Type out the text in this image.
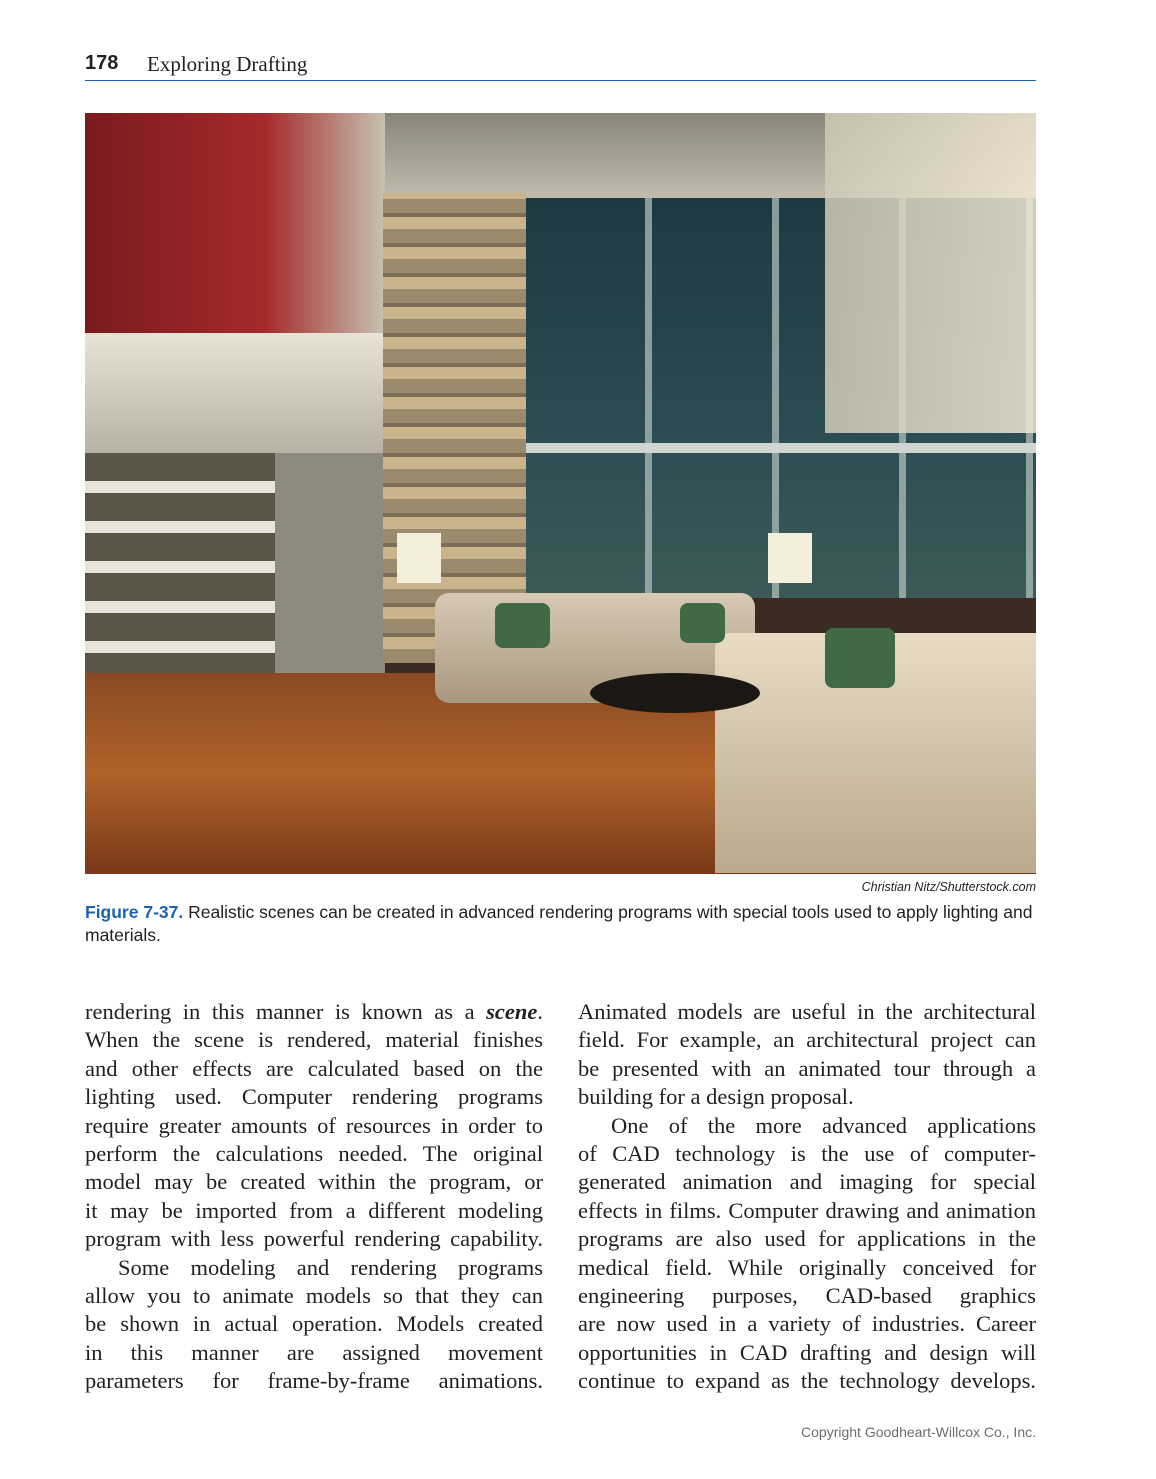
178 Exploring Drafting
Christian Nitz/Shutterstock.com
Figure 7-37. Realistic scenes can be created in advanced rendering programs with special tools used to apply lighting and materials.
rendering in this manner is known as a scene.
When the scene is rendered, material finishes
and other effects are calculated based on the
lighting used. Computer rendering programs
require greater amounts of resources in order to
perform the calculations needed. The original
model may be created within the program, or
it may be imported from a different modeling
program with less powerful rendering capability.
Some modeling and rendering programs
allow you to animate models so that they can
be shown in actual operation. Models created
in this manner are assigned movement
parameters for frame-by-frame animations.
Animated models are useful in the architectural
field. For example, an architectural project can
be presented with an animated tour through a
building for a design proposal.
One of the more advanced applications
of CAD technology is the use of computer-
generated animation and imaging for special
effects in films. Computer drawing and animation
programs are also used for applications in the
medical field. While originally conceived for
engineering purposes, CAD-based graphics
are now used in a variety of industries. Career
opportunities in CAD drafting and design will
continue to expand as the technology develops.
Copyright Goodheart-Willcox Co., Inc.
